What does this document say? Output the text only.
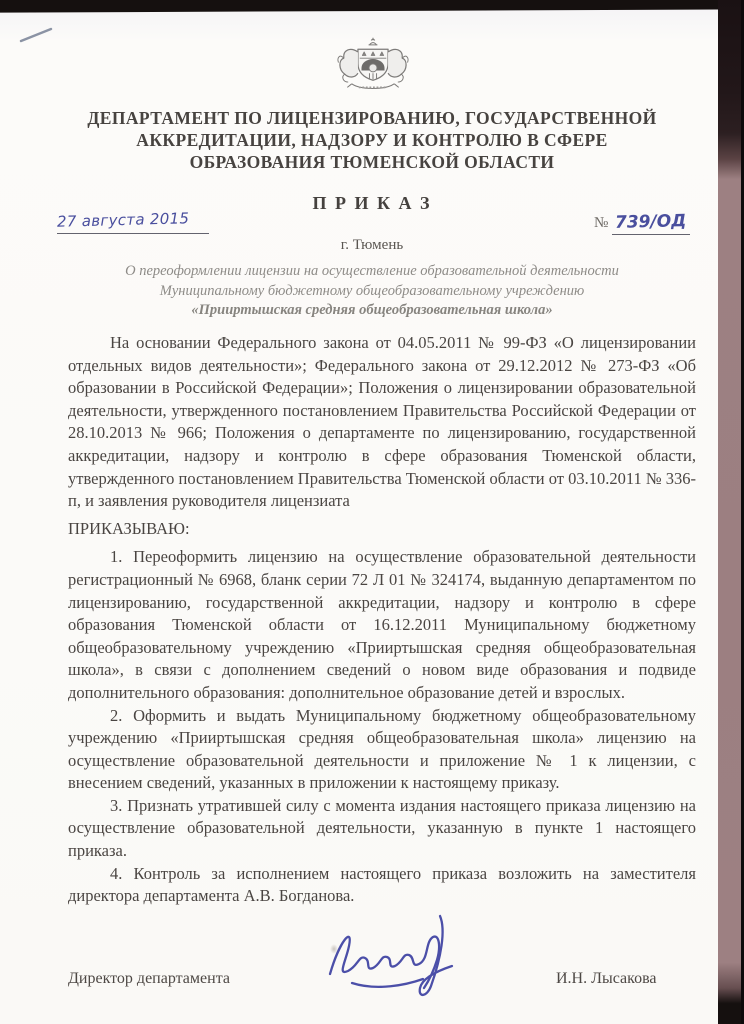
ДЕПАРТАМЕНТ ПО ЛИЦЕНЗИРОВАНИЮ, ГОСУДАРСТВЕННОЙ
АККРЕДИТАЦИИ, НАДЗОРУ И КОНТРОЛЮ В СФЕРЕ
ОБРАЗОВАНИЯ ТЮМЕНСКОЙ ОБЛАСТИ
П Р И К А З
27 августа 2015	№ 739/ОД
г. Тюмень
О переоформлении лицензии на осуществление образовательной деятельности
Муниципальному бюджетному общеобразовательному учреждению
«Прииртышская средняя общеобразовательная школа»

На основании Федерального закона от 04.05.2011 № 99-ФЗ «О лицензировании отдельных видов деятельности»; Федерального закона от 29.12.2012 № 273-ФЗ «Об образовании в Российской Федерации»; Положения о лицензировании образовательной деятельности, утвержденного постановлением Правительства Российской Федерации от 28.10.2013 № 966; Положения о департаменте по лицензированию, государственной аккредитации, надзору и контролю в сфере образования Тюменской области, утвержденного постановлением Правительства Тюменской области от 03.10.2011 № 336-п, и заявления руководителя лицензиата

ПРИКАЗЫВАЮ:

1. Переоформить лицензию на осуществление образовательной деятельности регистрационный № 6968, бланк серии 72 Л 01 № 324174, выданную департаментом по лицензированию, государственной аккредитации, надзору и контролю в сфере образования Тюменской области от 16.12.2011 Муниципальному бюджетному общеобразовательному учреждению «Прииртышская средняя общеобразовательная школа», в связи с дополнением сведений о новом виде образования и подвиде дополнительного образования: дополнительное образование детей и взрослых.

2. Оформить и выдать Муниципальному бюджетному общеобразовательному учреждению «Прииртышская средняя общеобразовательная школа» лицензию на осуществление образовательной деятельности и приложение № 1 к лицензии, с внесением сведений, указанных в приложении к настоящему приказу.

3. Признать утратившей силу с момента издания настоящего приказа лицензию на осуществление образовательной деятельности, указанную в пункте 1 настоящего приказа.

4. Контроль за исполнением настоящего приказа возложить на заместителя директора департамента А.В. Богданова.

Директор департамента	И.Н. Лысакова
